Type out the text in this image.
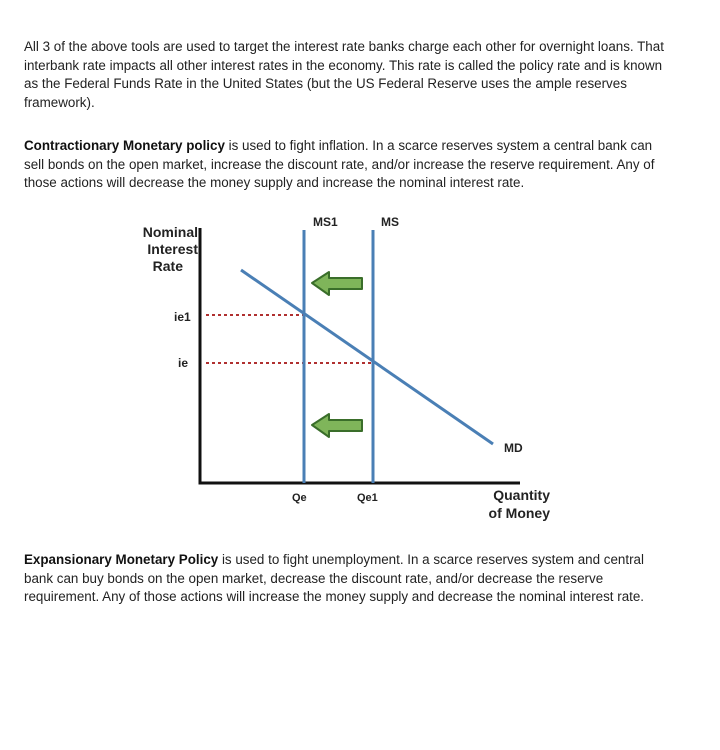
All 3 of the above tools are used to target the interest rate banks charge each other for overnight loans. That interbank rate impacts all other interest rates in the economy. This rate is called the policy rate and is known as the Federal Funds Rate in the United States (but the US Federal Reserve uses the ample reserves framework).

Contractionary Monetary policy is used to fight inflation. In a scarce reserves system a central bank can sell bonds on the open market, increase the discount rate, and/or increase the reserve requirement. Any of those actions will decrease the money supply and increase the nominal interest rate.

Nominal
Interest
Rate
MS1	MS
MD
ie1
ie
Qe	Qe1	Quantity
of Money

Expansionary Monetary Policy is used to fight unemployment. In a scarce reserves system and central bank can buy bonds on the open market, decrease the discount rate, and/or decrease the reserve requirement. Any of those actions will increase the money supply and decrease the nominal interest rate.
